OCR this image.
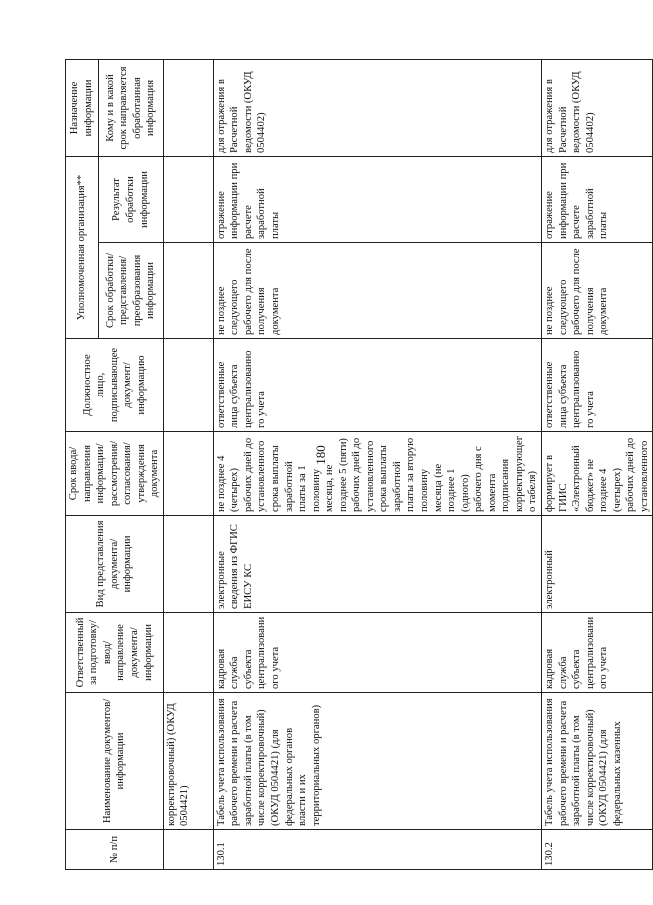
180
№ п/п	Наименование документов/информации	Ответственный за подготовку/ ввод/ направление документа/ информации	Вид представления документа/ информации	Срок ввода/ направления информации/ рассмотрения/ согласования/ утверждения документа	Должностное лицо, подписывающее документ/ информацию	Уполномоченная организация**		Назначение информации
						Срок обработки/ представления/ преобразования информации	Результат обработки информации	Кому и в какой срок направляется обработанная информация
	корректировочный) (ОКУД 0504421)							
130.1	Табель учета использования рабочего времени и расчета заработной платы (в том числе корректировочный) (ОКУД 0504421) (для федеральных органов власти и их территориальных органов)	кадровая служба субъекта централизовани ого учета	электронные сведения из ФГИС ЕИСУ КС	не позднее 4 (четырех) рабочих дней до установленного срока выплаты заработной платы за 1 половину месяца, не позднее 5 (пяти) рабочих дней до установленного срока выплаты заработной платы за вторую половину месяца (не позднее 1 (одного) рабочего дня с момента подписания корректирующег о табеля)	ответственные лица субъекта централизованно го учета	не позднее следующего рабочего для после получения документа	отражение информации при расчете заработной платы	для отражения в Расчетной ведомости (ОКУД 0504402)
130.2	Табель учета использования рабочего времени и расчета заработной платы (в том числе корректировочный) (ОКУД 0504421) (для федеральных казенных	кадровая служба субъекта централизовани ого учета	электронный	формирует в ГИИС «Электронный бюджет» не позднее 4 (четырех) рабочих дней до установленного	ответственные лица субъекта централизованно го учета	не позднее следующего рабочего для после получения документа	отражение информации при расчете заработной платы	для отражения в Расчетной ведомости (ОКУД 0504402)
